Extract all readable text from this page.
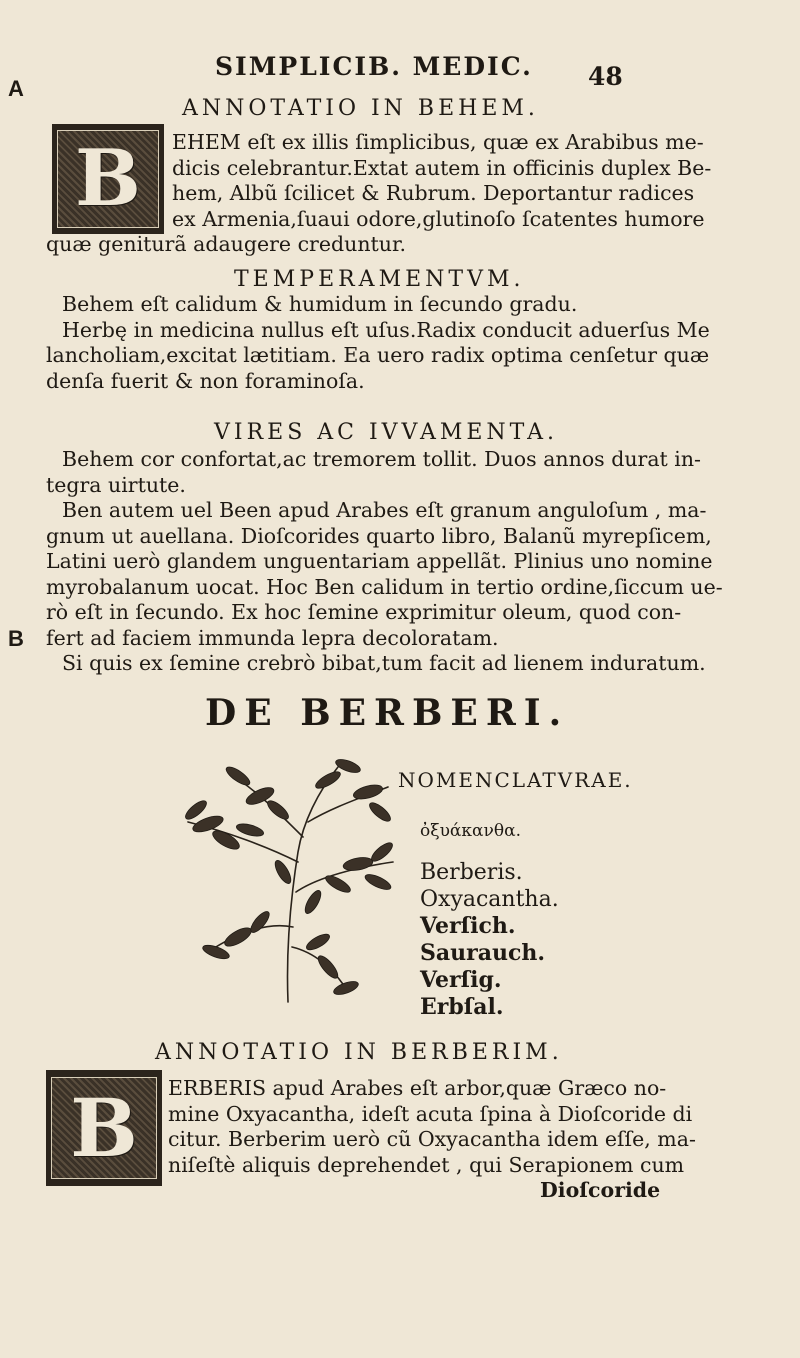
A
B
SIMPLICIB. MEDIC. 48
ANNOTATIO IN BEHEM.
B EHEM eſt ex illis ſimplicibus, quæ ex Arabibus me-
dicis celebrantur.Extat autem in officinis duplex Be-
hem, Albũ ſcilicet & Rubrum. Deportantur radices
ex Armenia,ſuaui odore,glutinoſo ſcatentes humore
quæ geniturã adaugere creduntur.
TEMPERAMENTVM.
Behem eſt calidum & humidum in ſecundo gradu.
Herbę in medicina nullus eſt uſus.Radix conducit aduerſus Me
lancholiam,excitat lætitiam. Ea uero radix optima cenſetur quæ
denſa fuerit & non foraminoſa.
VIRES AC IVVAMENTA.
Behem cor confortat,ac tremorem tollit. Duos annos durat in-
tegra uirtute.
Ben autem uel Been apud Arabes eſt granum anguloſum , ma-
gnum ut auellana. Dioſcorides quarto libro, Balanũ myrepſicem,
Latini uerò glandem unguentariam appellãt. Plinius uno nomine
myrobalanum uocat. Hoc Ben calidum in tertio ordine,ſiccum ue-
rò eſt in ſecundo. Ex hoc ſemine exprimitur oleum, quod con-
fert ad faciem immunda lepra decoloratam.
Si quis ex ſemine crebrò bibat,tum facit ad lienem induratum.
DE BERBERI.
NOMENCLATVRAE.
ὀξυάκανθα.
Berberis.
Oxyacantha.
Verſich.
Saurauch.
Verſig.
Erbſal.
ANNOTATIO IN BERBERIM.
B ERBERIS apud Arabes eſt arbor,quæ Græco no-
mine Oxyacantha, ideſt acuta ſpina à Dioſcoride di
citur. Berberim uerò cũ Oxyacantha idem eſſe, ma-
niſeſtè aliquis deprehendet , qui Serapionem cum
Dioſcoride
